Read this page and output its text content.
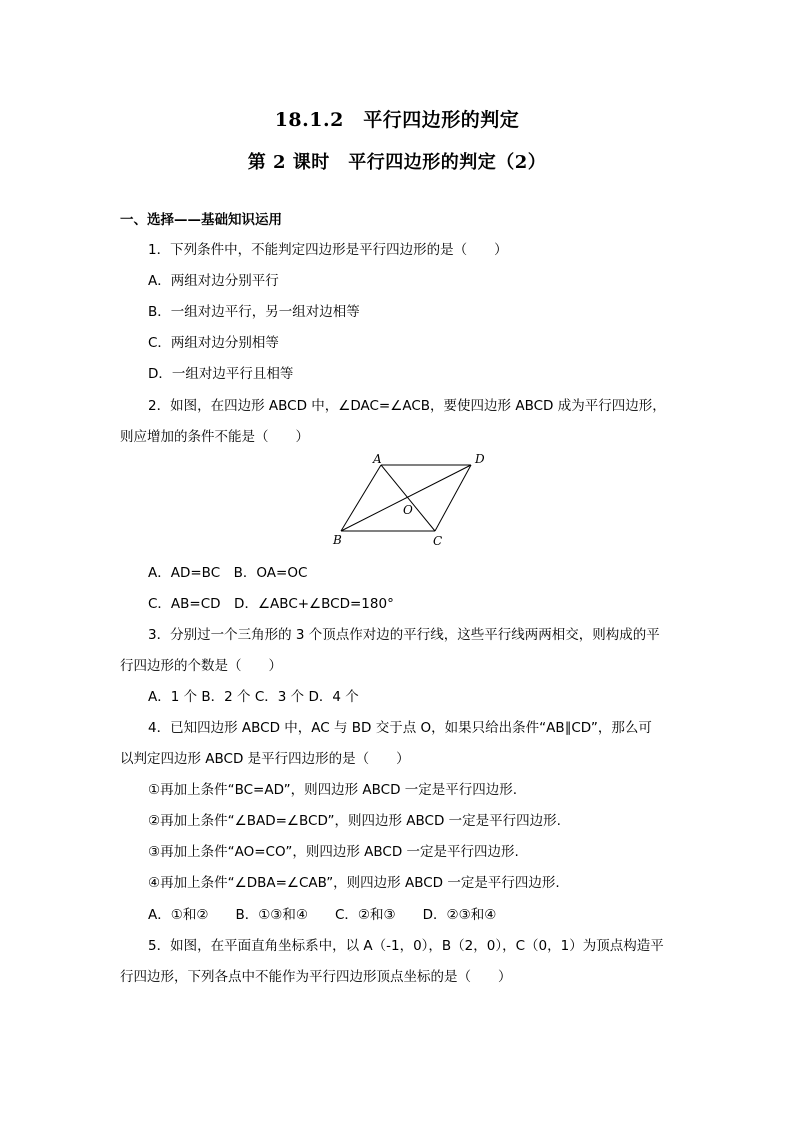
18.1.2　平行四边形的判定
第 2 课时　平行四边形的判定（2）
一、选择——基础知识运用
1．下列条件中，不能判定四边形是平行四边形的是（　　）
A．两组对边分别平行
B．一组对边平行，另一组对边相等
C．两组对边分别相等
D．一组对边平行且相等
2．如图，在四边形 ABCD 中，∠DAC=∠ACB，要使四边形 ABCD 成为平行四边形，
则应增加的条件不能是（　　）
A	D
B	C
O
A．AD=BC　B．OA=OC
C．AB=CD　D．∠ABC+∠BCD=180°
3．分别过一个三角形的 3 个顶点作对边的平行线，这些平行线两两相交，则构成的平
行四边形的个数是（　　）
A．1 个 B．2 个 C．3 个 D．4 个
4．已知四边形 ABCD 中，AC 与 BD 交于点 O，如果只给出条件“AB∥CD”，那么可
以判定四边形 ABCD 是平行四边形的是（　　）
①再加上条件“BC=AD”，则四边形 ABCD 一定是平行四边形.
②再加上条件“∠BAD=∠BCD”，则四边形 ABCD 一定是平行四边形.
③再加上条件“AO=CO”，则四边形 ABCD 一定是平行四边形.
④再加上条件“∠DBA=∠CAB”，则四边形 ABCD 一定是平行四边形.
A．①和②　　B．①③和④　　C．②和③　　D．②③和④
5．如图，在平面直角坐标系中，以 A（-1，0），B（2，0），C（0，1）为顶点构造平
行四边形，下列各点中不能作为平行四边形顶点坐标的是（　　）
